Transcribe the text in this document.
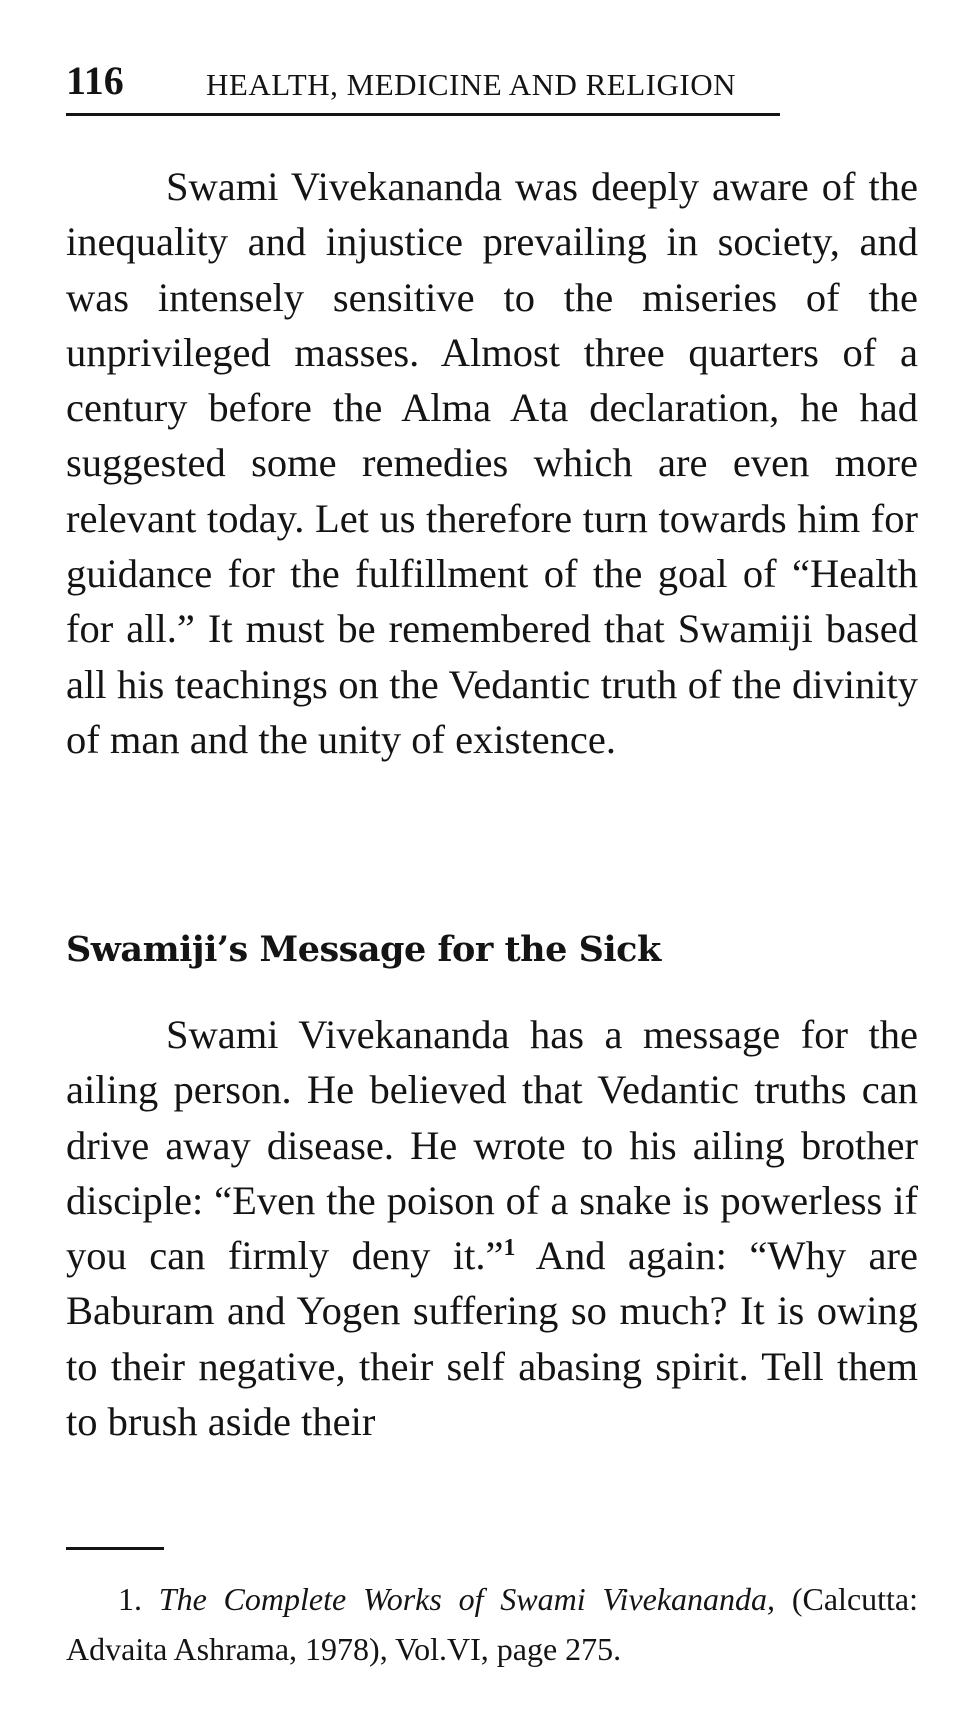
116	HEALTH, MEDICINE AND RELIGION

Swami Vivekananda was deeply aware of the inequality and injustice prevailing in society, and was intensely sensitive to the miseries of the unprivileged masses. Almost three quarters of a century before the Alma Ata declaration, he had suggested some remedies which are even more relevant today. Let us therefore turn towards him for guidance for the fulfillment of the goal of “Health for all.” It must be remembered that Swamiji based all his teachings on the Vedantic truth of the divinity of man and the unity of existence.

Swamiji’s Message for the Sick

Swami Vivekananda has a message for the ailing person. He believed that Vedantic truths can drive away disease. He wrote to his ailing brother disciple: “Even the poison of a snake is powerless if you can firmly deny it.”$^1$ And again: “Why are Baburam and Yogen suffering so much? It is owing to their negative, their self abasing spirit. Tell them to brush aside their

1. The Complete Works of Swami Vivekananda, (Calcutta: Advaita Ashrama, 1978), Vol.VI, page 275.
